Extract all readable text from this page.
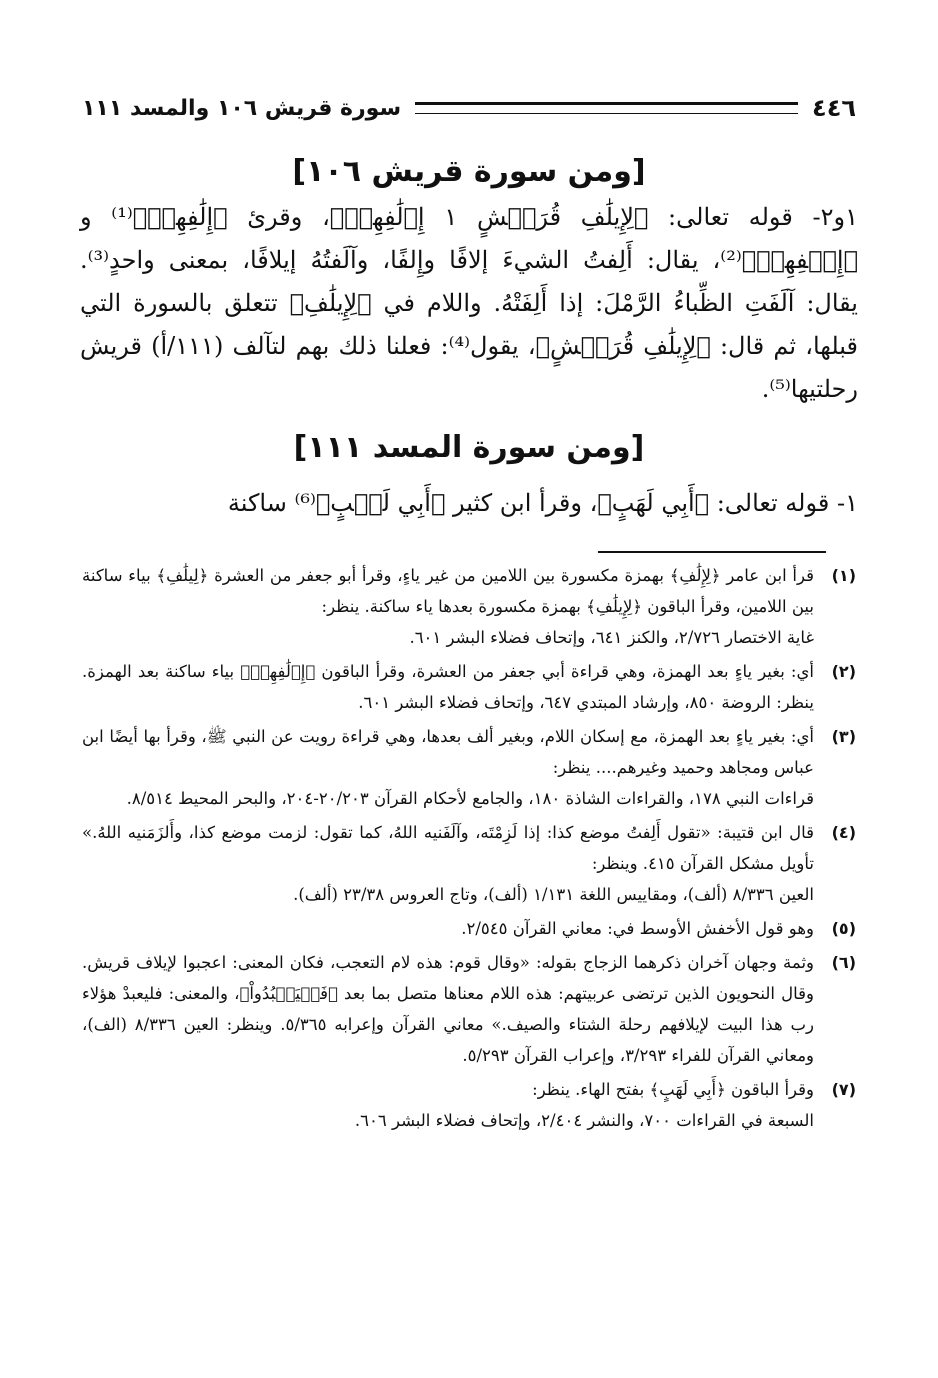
٤٤٦
سورة قريش ١٠٦ والمسد ١١١
[ومن سورة قريش ١٠٦]
١و٢- قوله تعالى: ﴿لِإِيلَٰفِ قُرَيۡشٍ ١ إِۦلَٰفِهِمۡ﴾، وقرئ ﴿إِلَٰفِهِمۡ﴾⁽¹⁾ و ﴿إِلۡفِهِمۡ﴾⁽²⁾، يقال: أَلِفتُ الشيءَ إلافًا وإِلفًا، وآلَفتُهُ إيلافًا، بمعنى واحدٍ⁽³⁾. يقال: آلَفَتِ الظِّباءُ الرَّمْلَ: إذا أَلِفَتْهُ. واللام في ﴿لِإِيلَٰفِ﴾ تتعلق بالسورة التي قبلها، ثم قال: ﴿لِإِيلَٰفِ قُرَيۡشٍ﴾، يقول⁽⁴⁾: فعلنا ذلك بهم لتآلف (١١١/أ) قريش رحلتيها⁽⁵⁾.
[ومن سورة المسد ١١١]
١- قوله تعالى: ﴿أَبِي لَهَبٍ﴾، وقرأ ابن كثير ﴿أَبِي لَهۡبٍ﴾⁽⁶⁾ ساكنة
(١)
قرأ ابن عامر ﴿لِإِلَٰفِ﴾ بهمزة مكسورة بين اللامين من غير ياءٍ، وقرأ أبو جعفر من العشرة ﴿لِيلَٰفِ﴾ بياء ساكنة بين اللامين، وقرأ الباقون ﴿لِإِيلَٰفِ﴾ بهمزة مكسورة بعدها ياء ساكنة. ينظر:
غاية الاختصار ٢/٧٢٦، والكنز ٦٤١، وإتحاف فضلاء البشر ٦٠١.
(٢)
أي: بغير ياءٍ بعد الهمزة، وهي قراءة أبي جعفر من العشرة، وقرأ الباقون ﴿إِۦلَٰفِهِمۡ﴾ بياء ساكنة بعد الهمزة. ينظر: الروضة ٨٥٠، وإرشاد المبتدي ٦٤٧، وإتحاف فضلاء البشر ٦٠١.
(٣)
أي: بغير ياءٍ بعد الهمزة، مع إسكان اللام، وبغير ألف بعدها، وهي قراءة رويت عن النبي ﷺ، وقرأ بها أيضًا ابن عباس ومجاهد وحميد وغيرهم.... ينظر:
قراءات النبي ١٧٨، والقراءات الشاذة ١٨٠، والجامع لأحكام القرآن ٢٠/٢٠٣-٢٠٤، والبحر المحيط ٨/٥١٤.
(٤)
قال ابن قتيبة: «تقول أَلِفتُ موضع كذا: إذا لَزِمْتَه، وآلَفَنيه اللهُ، كما تقول: لزمت موضع كذا، وأَلزَمَنيه اللهُ.» تأويل مشكل القرآن ٤١٥. وينظر:
العين ٨/٣٣٦ (ألف)، ومقاييس اللغة ١/١٣١ (ألف)، وتاج العروس ٢٣/٣٨ (ألف).
(٥)
وهو قول الأخفش الأوسط في: معاني القرآن ٢/٥٤٥.
(٦)
وثمة وجهان آخران ذكرهما الزجاج بقوله: «وقال قوم: هذه لام التعجب، فكان المعنى: اعجبوا لإيلاف قريش. وقال النحويون الذين ترتضى عربيتهم: هذه اللام معناها متصل بما بعد ﴿فَلۡيَعۡبُدُواْ﴾، والمعنى: فليعبدْ هؤلاء رب هذا البيت لإيلافهم رحلة الشتاء والصيف.» معاني القرآن وإعرابه ٥/٣٦٥. وينظر: العين ٨/٣٣٦ (الف)، ومعاني القرآن للفراء ٣/٢٩٣، وإعراب القرآن ٥/٢٩٣.
(٧)
وقرأ الباقون ﴿أَبِي لَهَبٍ﴾ بفتح الهاء. ينظر:
السبعة في القراءات ٧٠٠، والنشر ٢/٤٠٤، وإتحاف فضلاء البشر ٦٠٦.
